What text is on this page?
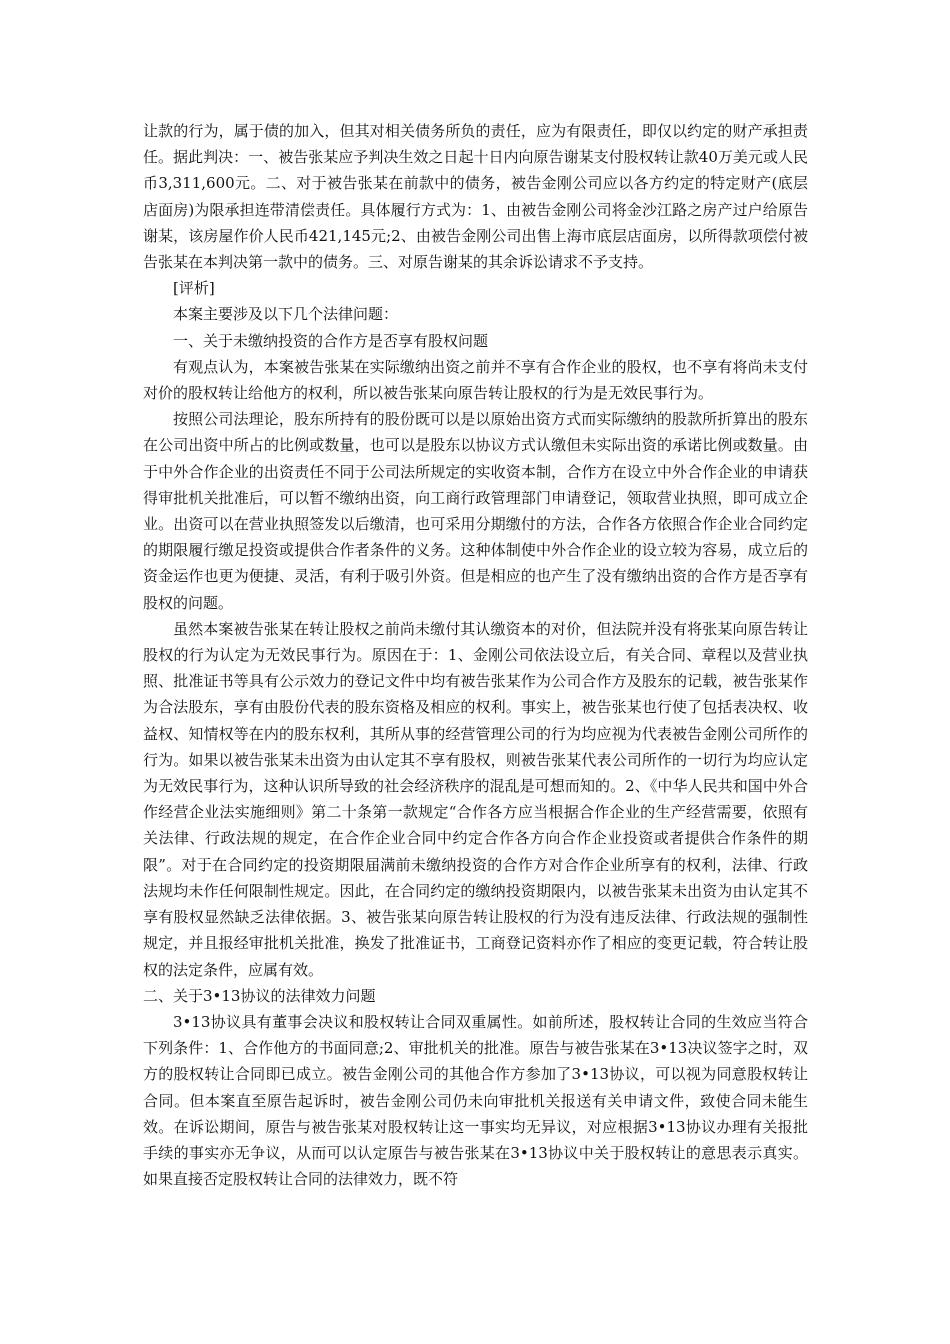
让款的行为，属于债的加入，但其对相关债务所负的责任，应为有限责任，即仅以约定的财产承担责任。据此判决：一、被告张某应予判决生效之日起十日内向原告谢某支付股权转让款40万美元或人民币3,311,600元。二、对于被告张某在前款中的债务，被告金刚公司应以各方约定的特定财产(底层店面房)为限承担连带清偿责任。具体履行方式为：1、由被告金刚公司将金沙江路之房产过户给原告谢某，该房屋作价人民币421,145元;2、由被告金刚公司出售上海市底层店面房，以所得款项偿付被告张某在本判决第一款中的债务。三、对原告谢某的其余诉讼请求不予支持。

[评析]

本案主要涉及以下几个法律问题：

一、关于未缴纳投资的合作方是否享有股权问题

有观点认为，本案被告张某在实际缴纳出资之前并不享有合作企业的股权，也不享有将尚未支付对价的股权转让给他方的权利，所以被告张某向原告转让股权的行为是无效民事行为。

按照公司法理论，股东所持有的股份既可以是以原始出资方式而实际缴纳的股款所折算出的股东在公司出资中所占的比例或数量，也可以是股东以协议方式认缴但未实际出资的承诺比例或数量。由于中外合作企业的出资责任不同于公司法所规定的实收资本制，合作方在设立中外合作企业的申请获得审批机关批准后，可以暂不缴纳出资，向工商行政管理部门申请登记，领取营业执照，即可成立企业。出资可以在营业执照签发以后缴清，也可采用分期缴付的方法，合作各方依照合作企业合同约定的期限履行缴足投资或提供合作者条件的义务。这种体制使中外合作企业的设立较为容易，成立后的资金运作也更为便捷、灵活，有利于吸引外资。但是相应的也产生了没有缴纳出资的合作方是否享有股权的问题。

虽然本案被告张某在转让股权之前尚未缴付其认缴资本的对价，但法院并没有将张某向原告转让股权的行为认定为无效民事行为。原因在于：1、金刚公司依法设立后，有关合同、章程以及营业执照、批准证书等具有公示效力的登记文件中均有被告张某作为公司合作方及股东的记载，被告张某作为合法股东，享有由股份代表的股东资格及相应的权利。事实上，被告张某也行使了包括表决权、收益权、知情权等在内的股东权利，其所从事的经营管理公司的行为均应视为代表被告金刚公司所作的行为。如果以被告张某未出资为由认定其不享有股权，则被告张某代表公司所作的一切行为均应认定为无效民事行为，这种认识所导致的社会经济秩序的混乱是可想而知的。2、《中华人民共和国中外合作经营企业法实施细则》第二十条第一款规定“合作各方应当根据合作企业的生产经营需要，依照有关法律、行政法规的规定，在合作企业合同中约定合作各方向合作企业投资或者提供合作条件的期限”。对于在合同约定的投资期限届满前未缴纳投资的合作方对合作企业所享有的权利，法律、行政法规均未作任何限制性规定。因此，在合同约定的缴纳投资期限内，以被告张某未出资为由认定其不享有股权显然缺乏法律依据。3、被告张某向原告转让股权的行为没有违反法律、行政法规的强制性规定，并且报经审批机关批准，换发了批准证书，工商登记资料亦作了相应的变更记载，符合转让股权的法定条件，应属有效。

二、关于3•13协议的法律效力问题

3•13协议具有董事会决议和股权转让合同双重属性。如前所述，股权转让合同的生效应当符合下列条件：1、合作他方的书面同意;2、审批机关的批准。原告与被告张某在3•13决议签字之时，双方的股权转让合同即已成立。被告金刚公司的其他合作方参加了3•13协议，可以视为同意股权转让合同。但本案直至原告起诉时，被告金刚公司仍未向审批机关报送有关申请文件，致使合同未能生效。在诉讼期间，原告与被告张某对股权转让这一事实均无异议，对应根据3•13协议办理有关报批手续的事实亦无争议，从而可以认定原告与被告张某在3•13协议中关于股权转让的意思表示真实。如果直接否定股权转让合同的法律效力，既不符
